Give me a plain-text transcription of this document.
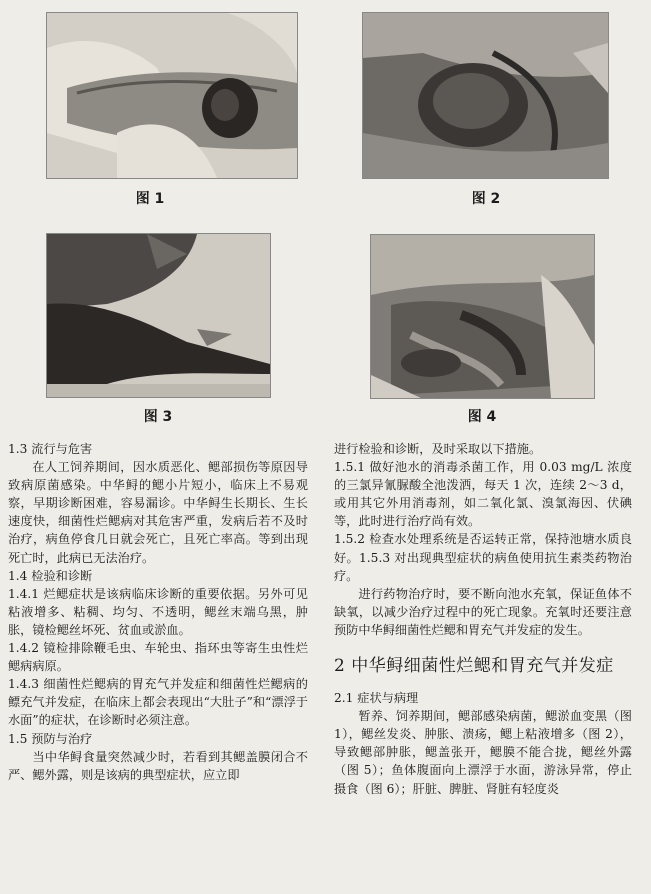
图 1	图 2
图 3	图 4

1.3 流行与危害

在人工饲养期间，因水质恶化、鳃部损伤等原因导致病原菌感染。中华鲟的鳃小片短小，临床上不易观察，早期诊断困难，容易漏诊。中华鲟生长期长、生长速度快，细菌性烂鳃病对其危害严重，发病后若不及时治疗，病鱼停食几日就会死亡，且死亡率高。等到出现死亡时，此病已无法治疗。

1.4 检验和诊断

1.4.1 烂鳃症状是该病临床诊断的重要依据。另外可见粘液增多、粘稠、均匀、不透明，鳃丝末端乌黑，肿胀，镜检鳃丝坏死、贫血或淤血。

1.4.2 镜检排除鞭毛虫、车轮虫、指环虫等寄生虫性烂鳃病病原。

1.4.3 细菌性烂鳃病的胃充气并发症和细菌性烂鳃病的鳔充气并发症，在临床上都会表现出“大肚子”和“漂浮于水面”的症状，在诊断时必须注意。

1.5 预防与治疗

当中华鲟食量突然减少时，若看到其鳃盖膜闭合不严、鳃外露，则是该病的典型症状，应立即

进行检验和诊断，及时采取以下措施。

1.5.1 做好池水的消毒杀菌工作，用 0.03 mg/L 浓度的三氯异氰脲酸全池泼洒，每天 1 次，连续 2～3 d，或用其它外用消毒剂，如二氧化氯、溴氯海因、伏碘等，此时进行治疗尚有效。

1.5.2 检查水处理系统是否运转正常，保持池塘水质良好。1.5.3 对出现典型症状的病鱼使用抗生素类药物治疗。

进行药物治疗时，要不断向池水充氧，保证鱼体不缺氧，以减少治疗过程中的死亡现象。充氧时还要注意预防中华鲟细菌性烂鳃和胃充气并发症的发生。

2 中华鲟细菌性烂鳃和胃充气并发症

2.1 症状与病理

暂养、饲养期间，鳃部感染病菌，鳃淤血变黑（图 1），鳃丝发炎、肿胀、溃疡，鳃上粘液增多（图 2），导致鳃部肿胀，鳃盖张开，鳃膜不能合拢，鳃丝外露（图 5）；鱼体腹面向上漂浮于水面，游泳异常，停止摄食（图 6）；肝脏、脾脏、肾脏有轻度炎
